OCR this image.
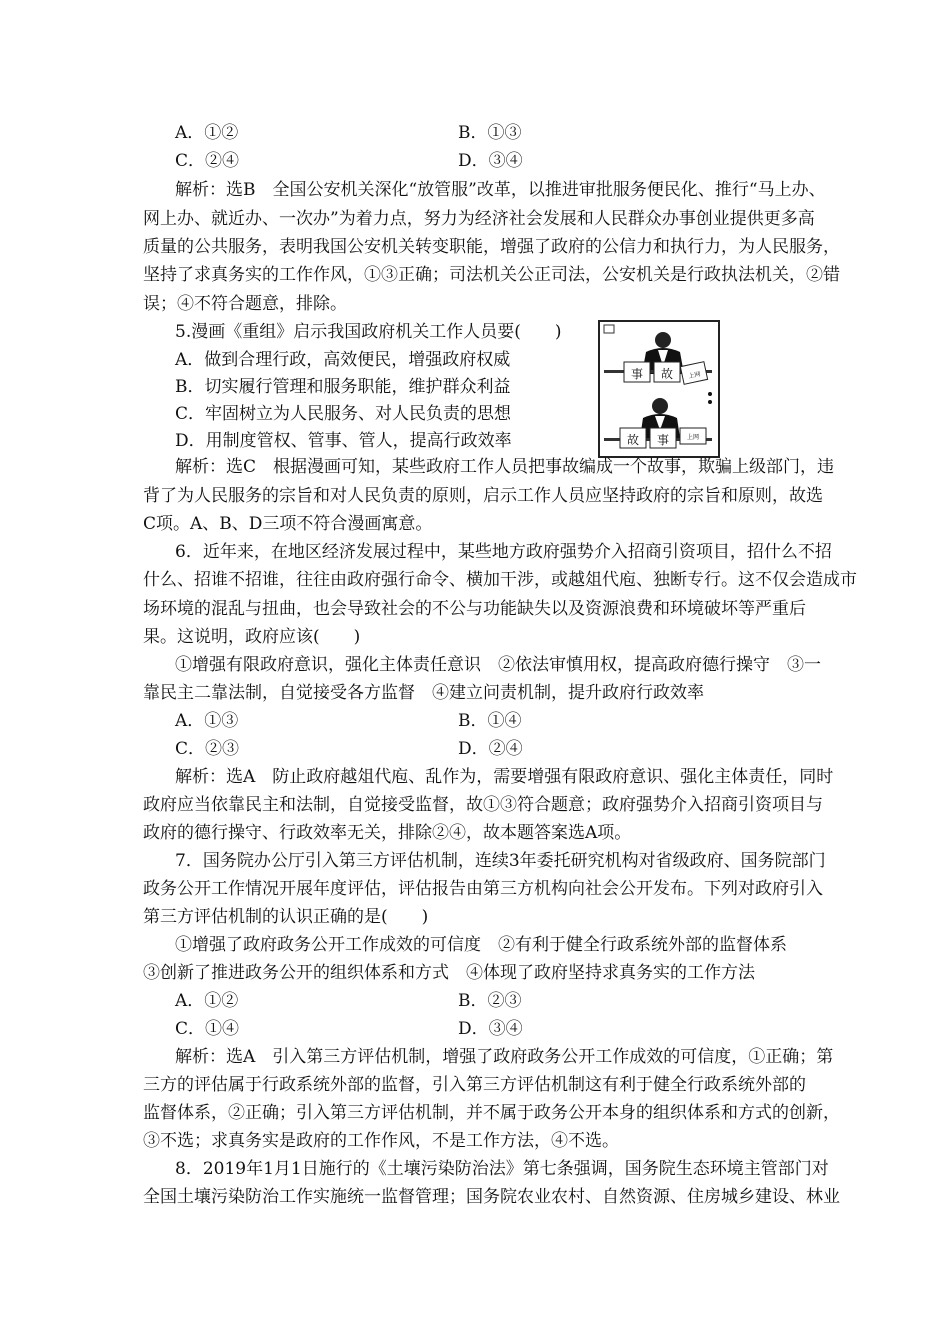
A．①②	B．①③
C．②④	D．③④
解析：选B　全国公安机关深化“放管服”改革，以推进审批服务便民化、推行“马上办、
网上办、就近办、一次办”为着力点，努力为经济社会发展和人民群众办事创业提供更多高
质量的公共服务，表明我国公安机关转变职能，增强了政府的公信力和执行力，为人民服务，
坚持了求真务实的工作作风，①③正确；司法机关公正司法，公安机关是行政执法机关，②错
误；④不符合题意，排除。
5.漫画《重组》启示我国政府机关工作人员要(　　)
A．做到合理行政，高效便民，增强政府权威
B．切实履行管理和服务职能，维护群众利益
C．牢固树立为人民服务、对人民负责的思想
D．用制度管权、管事、管人，提高行政效率
事 故 上网
故 事	上网
解析：选C　根据漫画可知，某些政府工作人员把事故编成一个故事，欺骗上级部门，违
背了为人民服务的宗旨和对人民负责的原则，启示工作人员应坚持政府的宗旨和原则，故选
C项。A、B、D三项不符合漫画寓意。
6．近年来，在地区经济发展过程中，某些地方政府强势介入招商引资项目，招什么不招
什么、招谁不招谁，往往由政府强行命令、横加干涉，或越俎代庖、独断专行。这不仅会造成市
场环境的混乱与扭曲，也会导致社会的不公与功能缺失以及资源浪费和环境破坏等严重后
果。这说明，政府应该(　　)
①增强有限政府意识，强化主体责任意识　②依法审慎用权，提高政府德行操守　③一
靠民主二靠法制，自觉接受各方监督　④建立问责机制，提升政府行政效率
A．①③	B．①④
C．②③	D．②④
解析：选A　防止政府越俎代庖、乱作为，需要增强有限政府意识、强化主体责任，同时
政府应当依靠民主和法制，自觉接受监督，故①③符合题意；政府强势介入招商引资项目与
政府的德行操守、行政效率无关，排除②④，故本题答案选A项。
7．国务院办公厅引入第三方评估机制，连续3年委托研究机构对省级政府、国务院部门
政务公开工作情况开展年度评估，评估报告由第三方机构向社会公开发布。下列对政府引入
第三方评估机制的认识正确的是(　　)
①增强了政府政务公开工作成效的可信度　②有利于健全行政系统外部的监督体系
③创新了推进政务公开的组织体系和方式　④体现了政府坚持求真务实的工作方法
A．①②	B．②③
C．①④	D．③④
解析：选A　引入第三方评估机制，增强了政府政务公开工作成效的可信度，①正确；第
三方的评估属于行政系统外部的监督，引入第三方评估机制这有利于健全行政系统外部的
监督体系，②正确；引入第三方评估机制，并不属于政务公开本身的组织体系和方式的创新，
③不选；求真务实是政府的工作作风，不是工作方法，④不选。
8．2019年1月1日施行的《土壤污染防治法》第七条强调，国务院生态环境主管部门对
全国土壤污染防治工作实施统一监督管理；国务院农业农村、自然资源、住房城乡建设、林业
